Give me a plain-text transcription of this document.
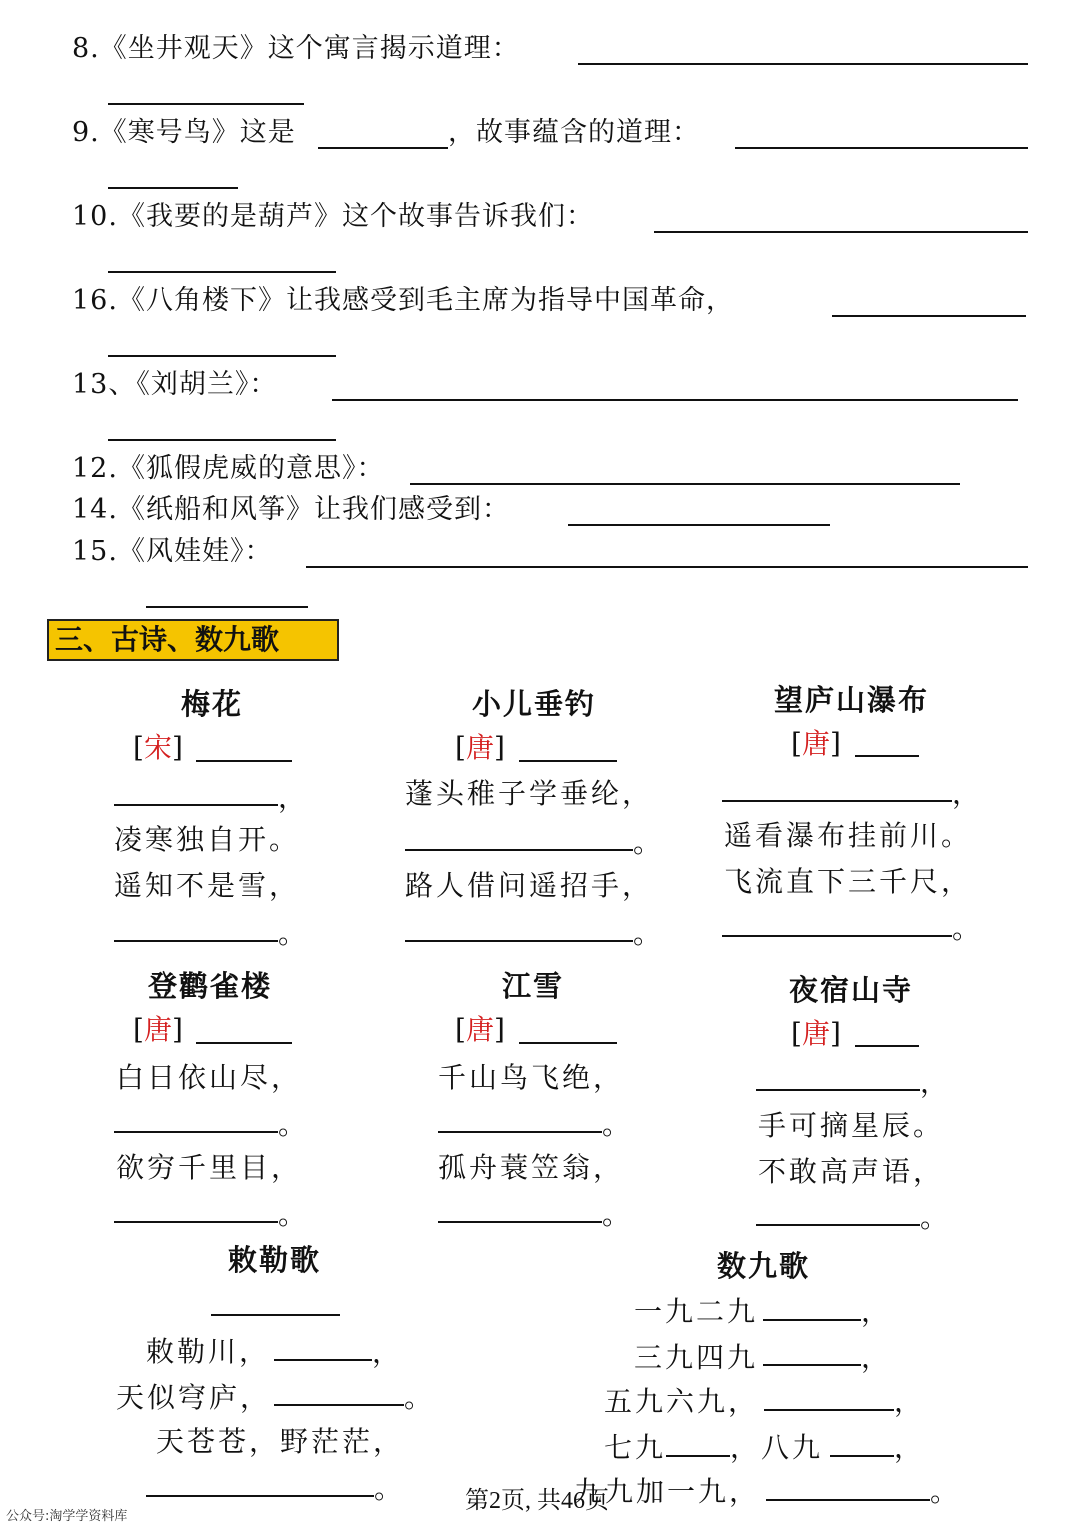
8.《坐井观天》这个寓言揭示道理：
9.《寒号鸟》这是	，故事蕴含的道理：
10.《我要的是葫芦》这个故事告诉我们：
16.《八角楼下》让我感受到毛主席为指导中国革命，
13、《刘胡兰》：
12.《狐假虎威的意思》：
14.《纸船和风筝》让我们感受到：
15.《风娃娃》：
三、古诗、数九歌
梅花
[宋]
，
凌寒独自开。
遥知不是雪，
。
小儿垂钓
[唐]
蓬头稚子学垂纶，
。
路人借问遥招手，
。
望庐山瀑布
[唐]
，
遥看瀑布挂前川。
飞流直下三千尺，
。
登鹳雀楼
[唐]
白日依山尽，
。
欲穷千里目，
。
江雪
[唐]
千山鸟飞绝，
。
孤舟蓑笠翁，
。
夜宿山寺
[唐]
，
手可摘星辰。
不敢高声语，
。
敕勒歌
敕勒川，	，
天似穹庐，	。
天苍苍，野茫茫，
。
数九歌
一九二九	，
三九四九	，
五九六九，	，
七九 ，八九	，
九九加一九，	。
第2页, 共46页
公众号:淘学学资料库
